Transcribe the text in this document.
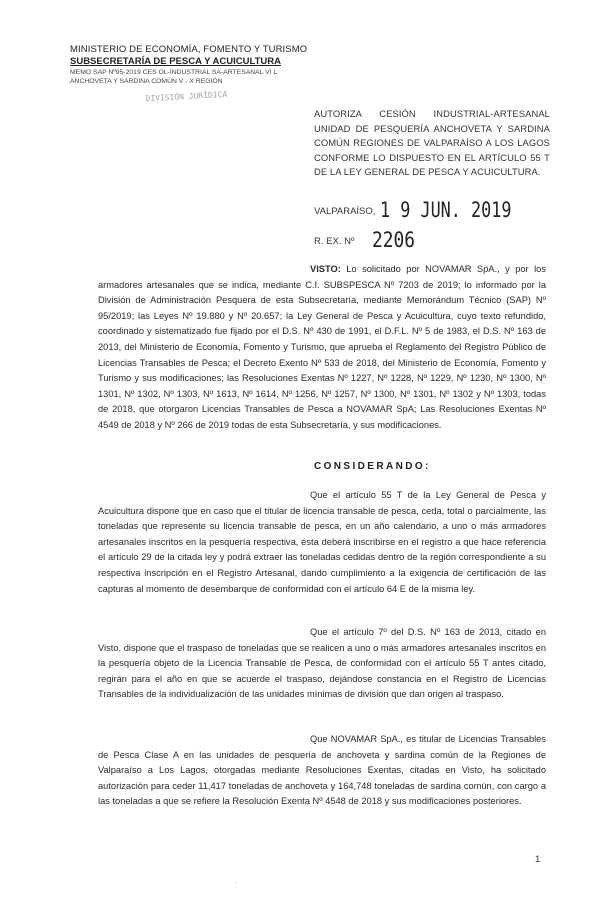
MINISTERIO DE ECONOMÍA, FOMENTO Y TURISMO
SUBSECRETARÍA DE PESCA Y ACUICULTURA
MEMO SAP Nº95-2019 CES OL-INDUSTRIAL SA-ARTESANAL VI L
ANCHOVETA Y SARDINA COMÚN V - X REGIÓN
DIVISIÓN JURÍDICA
AUTORIZA CESIÓN INDUSTRIAL-ARTESANAL UNIDAD DE PESQUERÍA ANCHOVETA Y SARDINA COMÚN REGIONES DE VALPARAÍSO A LOS LAGOS CONFORME LO DISPUESTO EN EL ARTÍCULO 55 T DE LA LEY GENERAL DE PESCA Y ACUICULTURA.
VALPARAÍSO, 1 9 JUN. 2019
R. EX. Nº 2206
VISTO: Lo solicitado por NOVAMAR SpA., y por los armadores artesanales que se indica, mediante C.I. SUBSPESCA Nº 7203 de 2019; lo informado por la División de Administración Pesquera de esta Subsecretaría, mediante Memorándum Técnico (SAP) Nº 95/2019; las Leyes Nº 19.880 y Nº 20.657; la Ley General de Pesca y Acuicultura, cuyo texto refundido, coordinado y sistematizado fue fijado por el D.S. Nº 430 de 1991, el D.F.L. Nº 5 de 1983, el D.S. Nº 163 de 2013, del Ministerio de Economía, Fomento y Turismo, que aprueba el Reglamento del Registro Público de Licencias Transables de Pesca; el Decreto Exento Nº 533 de 2018, del Ministerio de Economía, Fomento y Turismo y sus modificaciones; las Resoluciones Exentas Nº 1227, Nº 1228, Nº 1229, Nº 1230, Nº 1300, Nº 1301, Nº 1302, Nº 1303, Nº 1613, Nº 1614, Nº 1256, Nº 1257, Nº 1300, Nº 1301, Nº 1302 y Nº 1303, todas de 2018, que otorgaron Licencias Transables de Pesca a NOVAMAR SpA; Las Resoluciones Exentas Nº 4549 de 2018 y Nº 266 de 2019 todas de esta Subsecretaría, y sus modificaciones.
CONSIDERANDO:
Que el artículo 55 T de la Ley General de Pesca y Acuicultura dispone que en caso que el titular de licencia transable de pesca, ceda, total o parcialmente, las toneladas que represente su licencia transable de pesca, en un año calendario, a uno o más armadores artesanales inscritos en la pesquería respectiva, ésta deberá inscribirse en el registro a que hace referencia el artículo 29 de la citada ley y podrá extraer las toneladas cedidas dentro de la región correspondiente a su respectiva inscripción en el Registro Artesanal, dando cumplimiento a la exigencia de certificación de las capturas al momento de desembarque de conformidad con el artículo 64 E de la misma ley.
Que el artículo 7º del D.S. Nº 163 de 2013, citado en Visto, dispone que el traspaso de toneladas que se realicen a uno o más armadores artesanales inscritos en la pesquería objeto de la Licencia Transable de Pesca, de conformidad con el artículo 55 T antes citado, regirán para el año en que se acuerde el traspaso, dejándose constancia en el Registro de Licencias Transables de la individualización de las unidades mínimas de división que dan origen al traspaso.
Que NOVAMAR SpA., es titular de Licencias Transables de Pesca Clase A en las unidades de pesquería de anchoveta y sardina común de la Regiones de Valparaíso a Los Lagos, otorgadas mediante Resoluciones Exentas, citadas en Visto, ha solicitado autorización para ceder 11,417 toneladas de anchoveta y 164,748 toneladas de sardina común, con cargo a las toneladas a que se refiere la Resolución Exenta Nº 4548 de 2018 y sus modificaciones posteriores.
1
·
